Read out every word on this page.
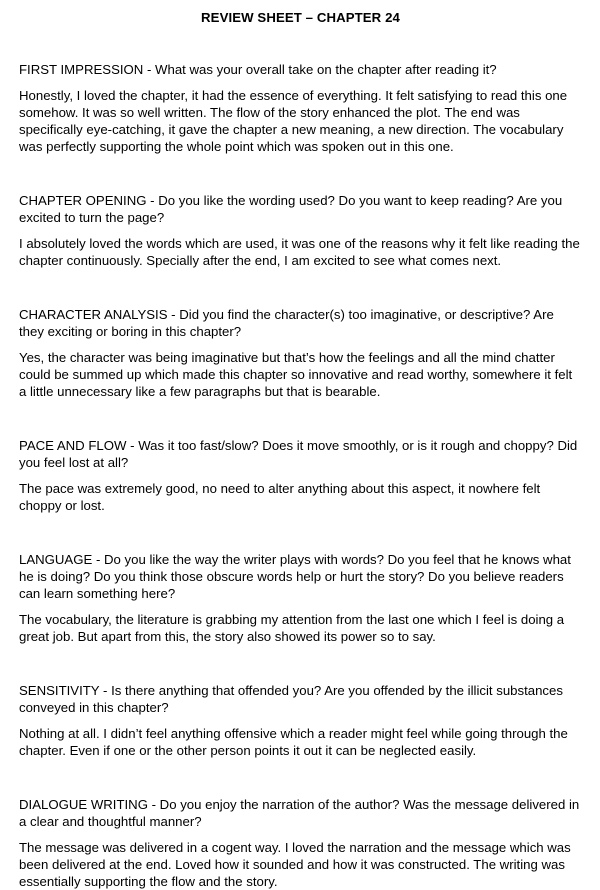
REVIEW SHEET – CHAPTER 24

FIRST IMPRESSION - What was your overall take on the chapter after reading it?

Honestly, I loved the chapter, it had the essence of everything. It felt satisfying to read this one somehow. It was so well written. The flow of the story enhanced the plot. The end was specifically eye-catching, it gave the chapter a new meaning, a new direction. The vocabulary was perfectly supporting the whole point which was spoken out in this one.

CHAPTER OPENING - Do you like the wording used? Do you want to keep reading? Are you excited to turn the page?

I absolutely loved the words which are used, it was one of the reasons why it felt like reading the chapter continuously. Specially after the end, I am excited to see what comes next.

CHARACTER ANALYSIS - Did you find the character(s) too imaginative, or descriptive? Are they exciting or boring in this chapter?

Yes, the character was being imaginative but that’s how the feelings and all the mind chatter could be summed up which made this chapter so innovative and read worthy, somewhere it felt a little unnecessary like a few paragraphs but that is bearable.

PACE AND FLOW - Was it too fast/slow? Does it move smoothly, or is it rough and choppy? Did you feel lost at all?

The pace was extremely good, no need to alter anything about this aspect, it nowhere felt choppy or lost.

LANGUAGE - Do you like the way the writer plays with words? Do you feel that he knows what he is doing? Do you think those obscure words help or hurt the story? Do you believe readers can learn something here?

The vocabulary, the literature is grabbing my attention from the last one which I feel is doing a great job. But apart from this, the story also showed its power so to say.

SENSITIVITY - Is there anything that offended you? Are you offended by the illicit substances conveyed in this chapter?

Nothing at all. I didn’t feel anything offensive which a reader might feel while going through the chapter. Even if one or the other person points it out it can be neglected easily.

DIALOGUE WRITING - Do you enjoy the narration of the author? Was the message delivered in a clear and thoughtful manner?

The message was delivered in a cogent way. I loved the narration and the message which was been delivered at the end. Loved how it sounded and how it was constructed. The writing was essentially supporting the flow and the story.
